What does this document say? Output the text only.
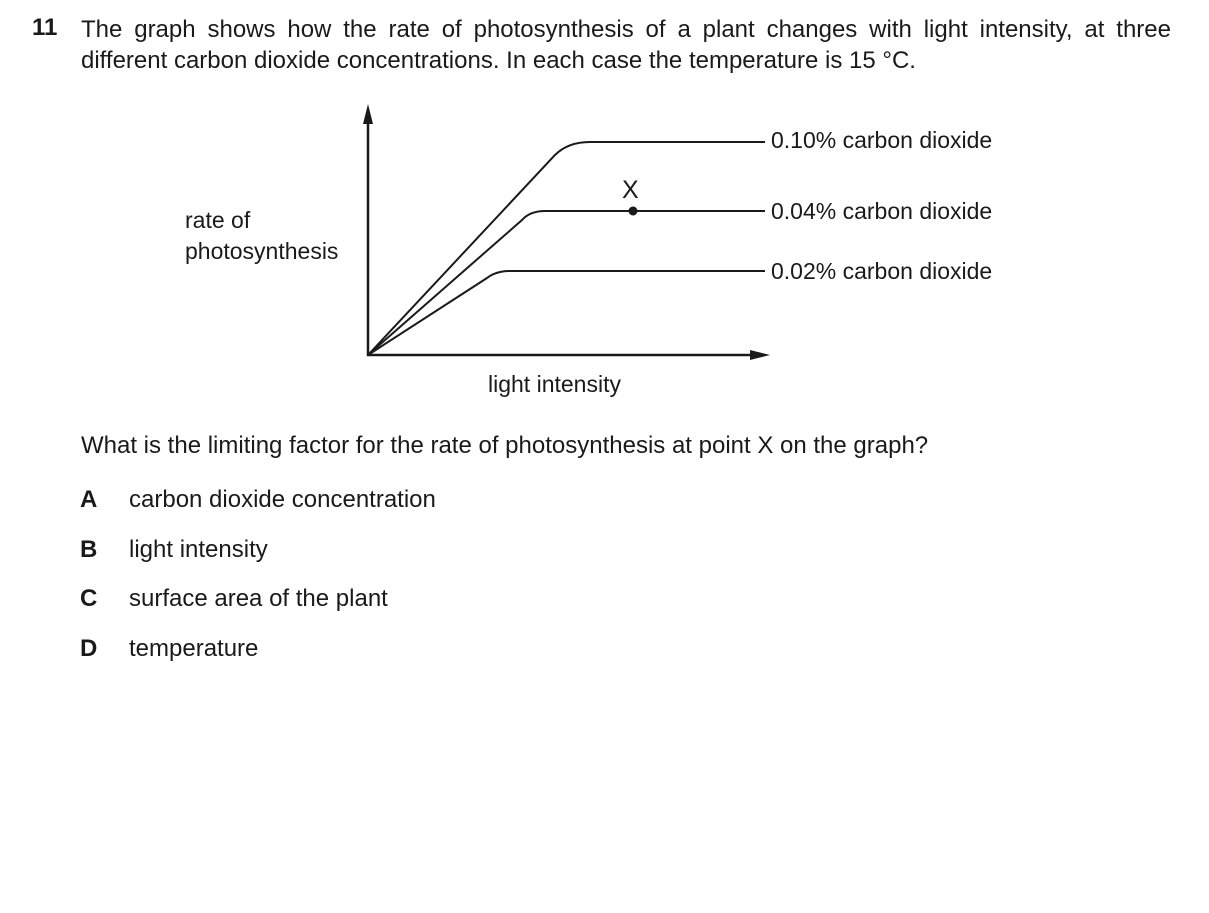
11 The graph shows how the rate of photosynthesis of a plant changes with light intensity, at three different carbon dioxide concentrations. In each case the temperature is 15 °C.
X
rate of photosynthesis
light intensity
0.10% carbon dioxide
0.04% carbon dioxide
0.02% carbon dioxide
What is the limiting factor for the rate of photosynthesis at point X on the graph?
A carbon dioxide concentration
B light intensity
C surface area of the plant
D temperature
